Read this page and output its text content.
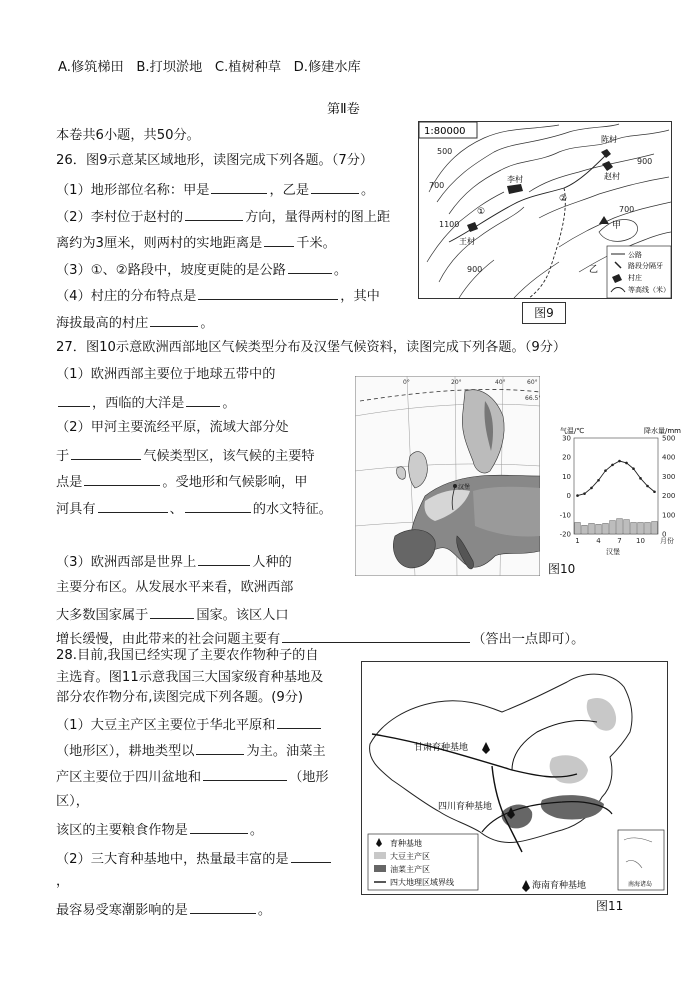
A.修筑梯田 B.打坝淤地 C.植树种草 D.修建水库
第Ⅱ卷
本卷共6小题，共50分。
26．图9示意某区域地形，读图完成下列各题。（7分）
（1）地形部位名称：甲是	，乙是	。
（2）李村位于赵村的	方向，量得两村的图上距
离约为3厘米，则两村的实地距离是	千米。
（3）①、②路段中，坡度更陡的是公路	。
（4）村庄的分布特点是	，其中
海拔最高的村庄	。
1:80000
500
700
900
1100
700
900
陈村
赵村
李村
王村
甲
乙
①
②
公路
路段分隔牙
村庄
等高线（米）
图9
27．图10示意欧洲西部地区气候类型分布及汉堡气候资料，读图完成下列各题。（9分）
（1）欧洲西部主要位于地球五带中的
，西临的大洋是	。
（2）甲河主要流经平原，流域大部分处
于	气候类型区，该气候的主要特
点是	。受地形和气候影响，甲
河具有	、	的水文特征。
（3）欧洲西部是世界上	人种的
主要分布区。从发展水平来看，欧洲西部
大多数国家属于	国家。该区人口
增长缓慢，由此带来的社会问题主要有	（答出一点即可）。
汉堡
66.5°
0°	20°	40°	60°
气温/℃	降水量/mm
30
20
10
0
-10
-20
500
400
300
200
100
0
1 4 7 10 月份
汉堡
图10
28.目前,我国已经实现了主要农作物种子的自
主选育。图11示意我国三大国家级育种基地及
部分农作物分布,读图完成下列各题。(9分)
（1）大豆主产区主要位于华北平原和
（地形区），耕地类型以	为主。油菜主
产区主要位于四川盆地和	（地形
区），
该区的主要粮食作物是	。
（2）三大育种基地中，热量最丰富的是
，
最容易受寒潮影响的是	。
甘肃育种基地
四川育种基地
海南育种基地
育种基地
大豆主产区
油菜主产区
四大地理区域界线	南海诸岛
图11
